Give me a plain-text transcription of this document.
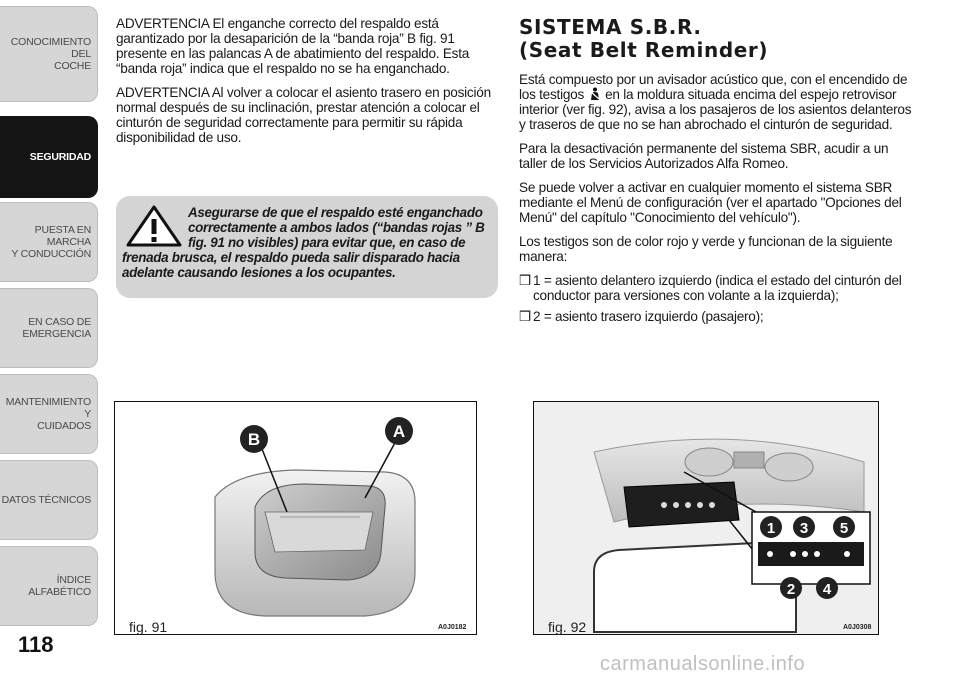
CONOCIMIENTO DEL
COCHE
SEGURIDAD
PUESTA EN MARCHA
Y CONDUCCIÓN
EN CASO DE
EMERGENCIA
MANTENIMIENTO Y
CUIDADOS
DATOS TÉCNICOS
ÍNDICE ALFABÉTICO
118

ADVERTENCIA El enganche correcto del respaldo está garantizado por la desaparición de la “banda roja” B fig. 91 presente en las palancas A de abatimiento del respaldo. Esta “banda roja” indica que el respaldo no se ha enganchado.

ADVERTENCIA Al volver a colocar el asiento trasero en posición normal después de su inclinación, prestar atención a colocar el cinturón de seguridad correctamente para permitir su rápida disponibilidad de uso.

Asegurarse de que el respaldo esté enganchado correctamente a ambos lados (“bandas rojas ” B fig. 91 no visibles) para evitar que, en caso de frenada brusca, el respaldo pueda salir disparado hacia adelante causando lesiones a los ocupantes.

SISTEMA S.B.R.
(Seat Belt Reminder)

Está compuesto por un avisador acústico que, con el encendido de los testigos en la moldura situada encima del espejo retrovisor interior (ver fig. 92), avisa a los pasajeros de los asientos delanteros y traseros de que no se han abrochado el cinturón de seguridad.

Para la desactivación permanente del sistema SBR, acudir a un taller de los Servicios Autorizados Alfa Romeo.

Se puede volver a activar en cualquier momento el sistema SBR mediante el Menú de configuración (ver el apartado "Opciones del Menú" del capítulo "Conocimiento del vehículo").

Los testigos son de color rojo y verde y funcionan de la siguiente manera:

❒ 1 = asiento delantero izquierdo (indica el estado del cinturón del conductor para versiones con volante a la izquierda);
❒ 2 = asiento trasero izquierdo (pasajero);
B	A
fig. 91	A0J0182
1
2
3
4
5
fig. 92	A0J0308
carmanualsonline.info
